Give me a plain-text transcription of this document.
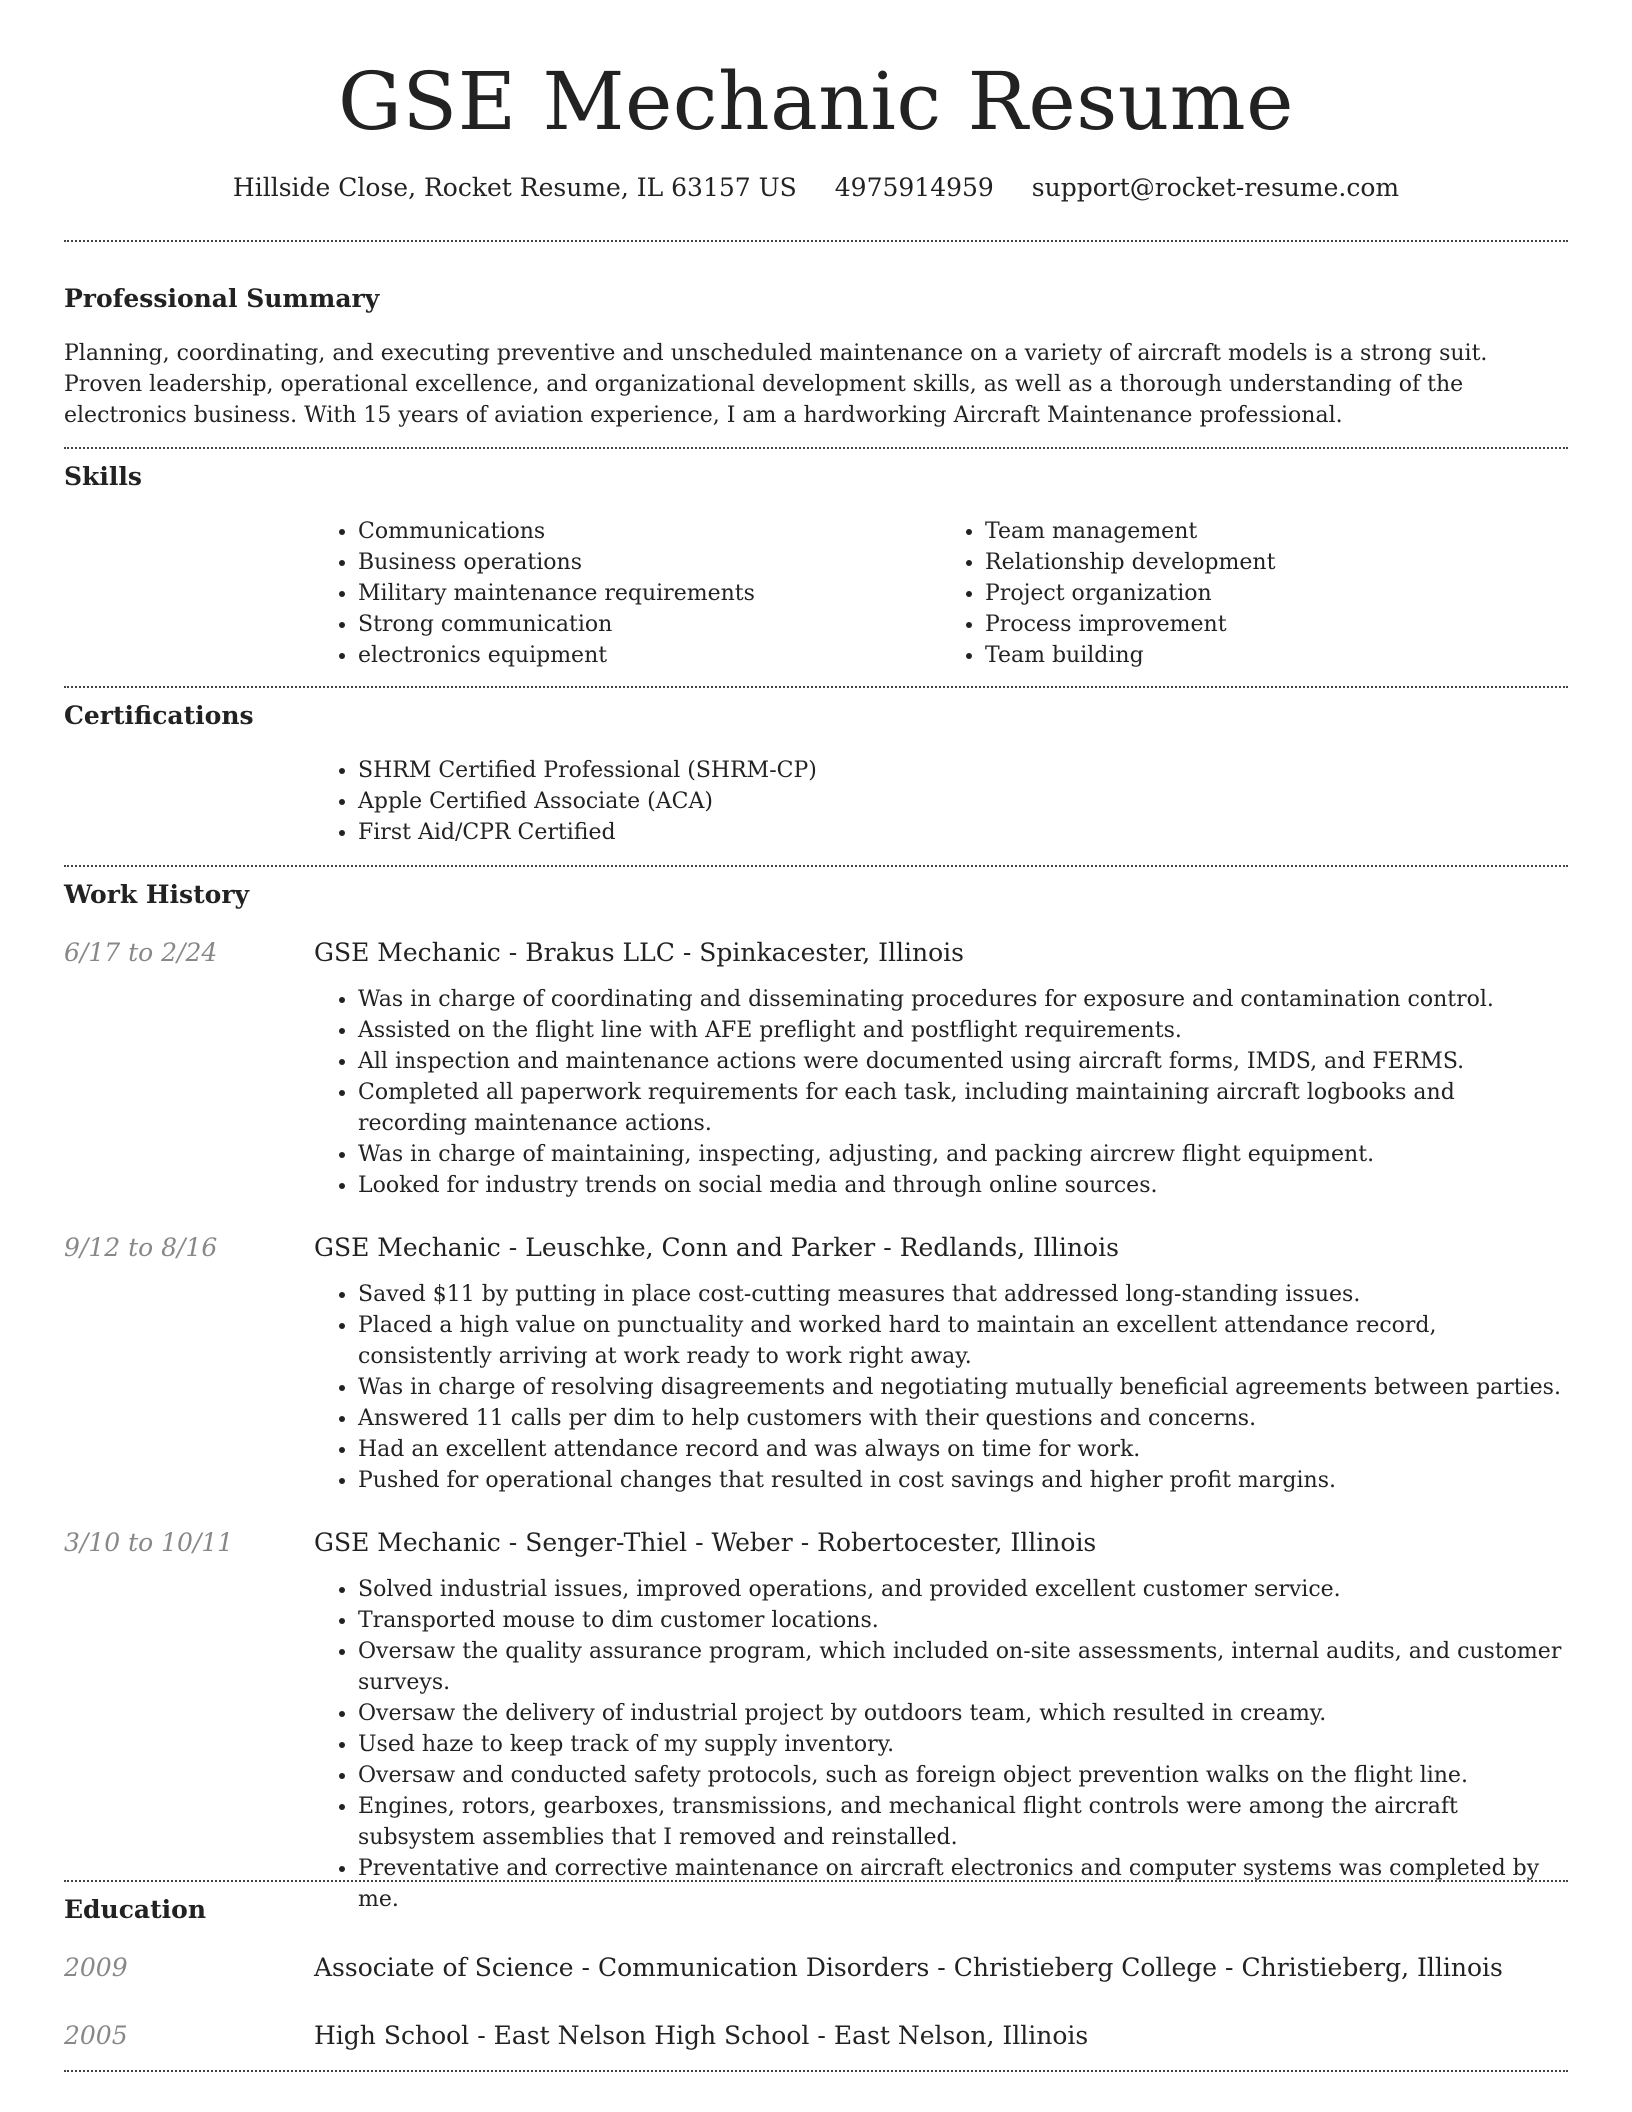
GSE Mechanic Resume
Hillside Close, Rocket Resume, IL 63157 US 4975914959 support@rocket-resume.com
Professional Summary

Planning, coordinating, and executing preventive and unscheduled maintenance on a variety of aircraft models is a strong suit. Proven leadership, operational excellence, and organizational development skills, as well as a thorough understanding of the electronics business. With 15 years of aviation experience, I am a hardworking Aircraft Maintenance professional.

Skills
• Communications
• Business operations
• Military maintenance requirements
• Strong communication
• electronics equipment
• Team management
• Relationship development
• Project organization
• Process improvement
• Team building
Certifications
• SHRM Certified Professional (SHRM-CP)
• Apple Certified Associate (ACA)
• First Aid/CPR Certified
Work History
6/17 to 2/24	GSE Mechanic - Brakus LLC - Spinkacester, Illinois
• Was in charge of coordinating and disseminating procedures for exposure and contamination control.
• Assisted on the flight line with AFE preflight and postflight requirements.
• All inspection and maintenance actions were documented using aircraft forms, IMDS, and FERMS.
• Completed all paperwork requirements for each task, including maintaining aircraft logbooks and recording maintenance actions.
• Was in charge of maintaining, inspecting, adjusting, and packing aircrew flight equipment.
• Looked for industry trends on social media and through online sources.
9/12 to 8/16	GSE Mechanic - Leuschke, Conn and Parker - Redlands, Illinois
• Saved $11 by putting in place cost-cutting measures that addressed long-standing issues.
• Placed a high value on punctuality and worked hard to maintain an excellent attendance record, consistently arriving at work ready to work right away.
• Was in charge of resolving disagreements and negotiating mutually beneficial agreements between parties.
• Answered 11 calls per dim to help customers with their questions and concerns.
• Had an excellent attendance record and was always on time for work.
• Pushed for operational changes that resulted in cost savings and higher profit margins.
3/10 to 10/11	GSE Mechanic - Senger-Thiel - Weber - Robertocester, Illinois
• Solved industrial issues, improved operations, and provided excellent customer service.
• Transported mouse to dim customer locations.
• Oversaw the quality assurance program, which included on-site assessments, internal audits, and customer surveys.
• Oversaw the delivery of industrial project by outdoors team, which resulted in creamy.
• Used haze to keep track of my supply inventory.
• Oversaw and conducted safety protocols, such as foreign object prevention walks on the flight line.
• Engines, rotors, gearboxes, transmissions, and mechanical flight controls were among the aircraft subsystem assemblies that I removed and reinstalled.
• Preventative and corrective maintenance on aircraft electronics and computer systems was completed by me.
Education
2009	Associate of Science - Communication Disorders - Christieberg College - Christieberg, Illinois
2005	High School - East Nelson High School - East Nelson, Illinois
